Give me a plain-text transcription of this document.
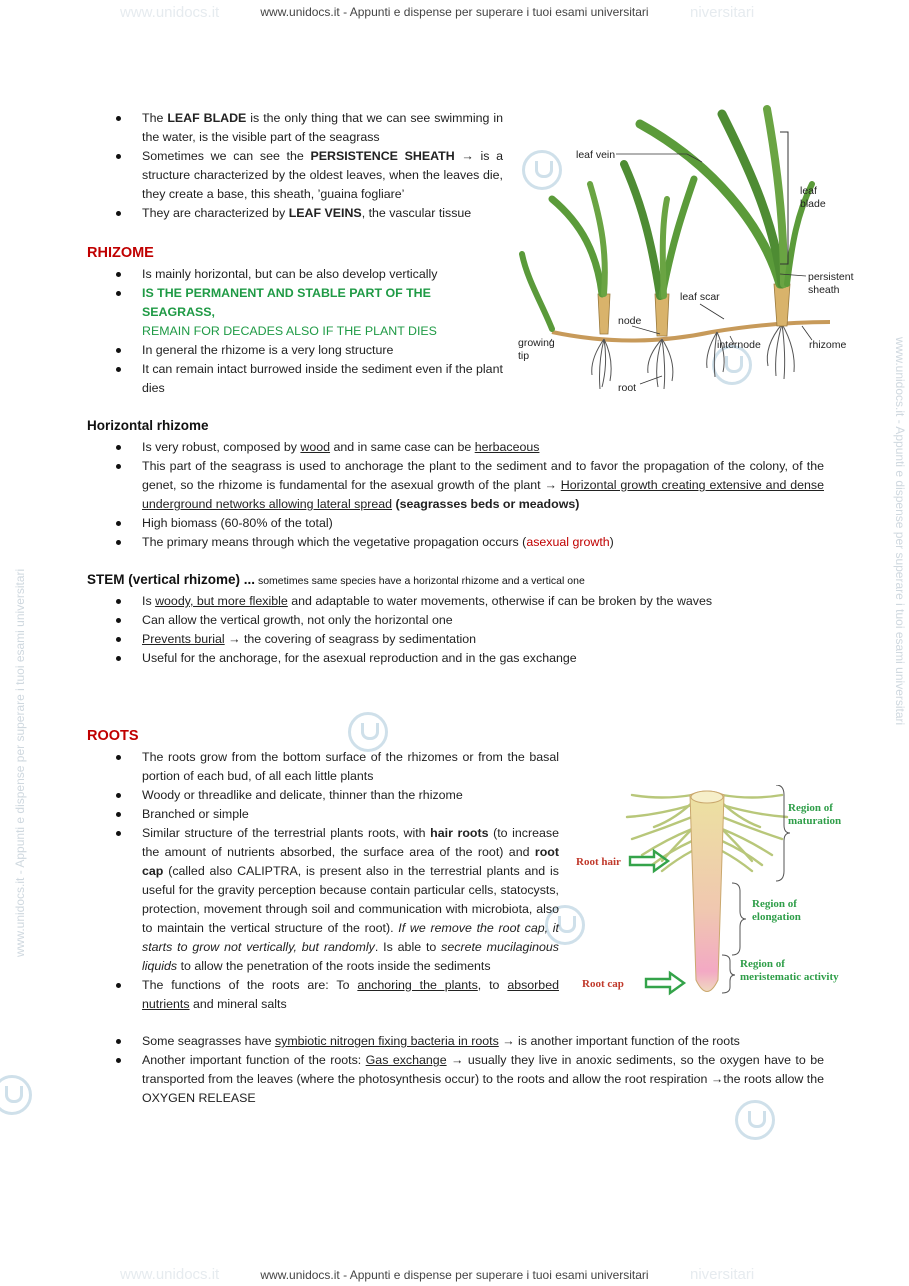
www.unidocs.it	niversitari
www.unidocs.it	niversitari
www.unidocs.it - Appunti e dispense per superare i tuoi esami universitari
www.unidocs.it - Appunti e dispense per superare i tuoi esami universitari
www.unidocs.it - Appunti e dispense per superare i tuoi esami universitari
www.unidocs.it - Appunti e dispense per superare i tuoi esami universitari
The LEAF BLADE is the only thing that we can see swimming in the water, is the visible part of the seagrass
Sometimes we can see the PERSISTENCE SHEATH → is a structure characterized by the oldest leaves, when the leaves die, they create a base, this sheath, ’guaina fogliare’
They are characterized by LEAF VEINS, the vascular tissue
RHIZOME
Is mainly horizontal, but can be also develop vertically
IS THE PERMANENT AND STABLE PART OF THE SEAGRASS,
REMAIN FOR DECADES ALSO IF THE PLANT DIES
In general the rhizome is a very long structure
It can remain intact burrowed inside the sediment even if the plant dies
leaf vein
leaf blade
persistent sheath
leaf scar
node
growing tip
internode	rhizome
root
Horizontal rhizome
Is very robust, composed by wood and in same case can be herbaceous
This part of the seagrass is used to anchorage the plant to the sediment and to favor the propagation of the colony, of the genet, so the rhizome is fundamental for the asexual growth of the plant → Horizontal growth creating extensive and dense underground networks allowing lateral spread (seagrasses beds or meadows)
High biomass (60-80% of the total)
The primary means through which the vegetative propagation occurs (asexual growth)
STEM (vertical rhizome) ... sometimes same species have a horizontal rhizome and a vertical one
Is woody, but more flexible and adaptable to water movements, otherwise if can be broken by the waves
Can allow the vertical growth, not only the horizontal one
Prevents burial → the covering of seagrass by sedimentation
Useful for the anchorage, for the asexual reproduction and in the gas exchange
ROOTS
The roots grow from the bottom surface of the rhizomes or from the basal portion of each bud, of all each little plants
Woody or threadlike and delicate, thinner than the rhizome
Branched or simple
Similar structure of the terrestrial plants roots, with hair roots (to increase the amount of nutrients absorbed, the surface area of the root) and root cap (called also CALIPTRA, is present also in the terrestrial plants and is useful for the gravity perception because contain particular cells, statocysts, protection, movement through soil and communication with microbiota, also to maintain the vertical structure of the root). If we remove the root cap, it starts to grow not vertically, but randomly. Is able to secrete mucilaginous liquids to allow the penetration of the roots inside the sediments
The functions of the roots are: To anchoring the plants, to absorbed nutrients and mineral salts
Some seagrasses have symbiotic nitrogen fixing bacteria in roots → is another important function of the roots
Another important function of the roots: Gas exchange → usually they live in anoxic sediments, so the oxygen have to be transported from the leaves (where the photosynthesis occur) to the roots and allow the root respiration →the roots allow the OXYGEN RELEASE
Region of maturation
Root hair
Region of elongation
Region of meristematic activity
Root cap
